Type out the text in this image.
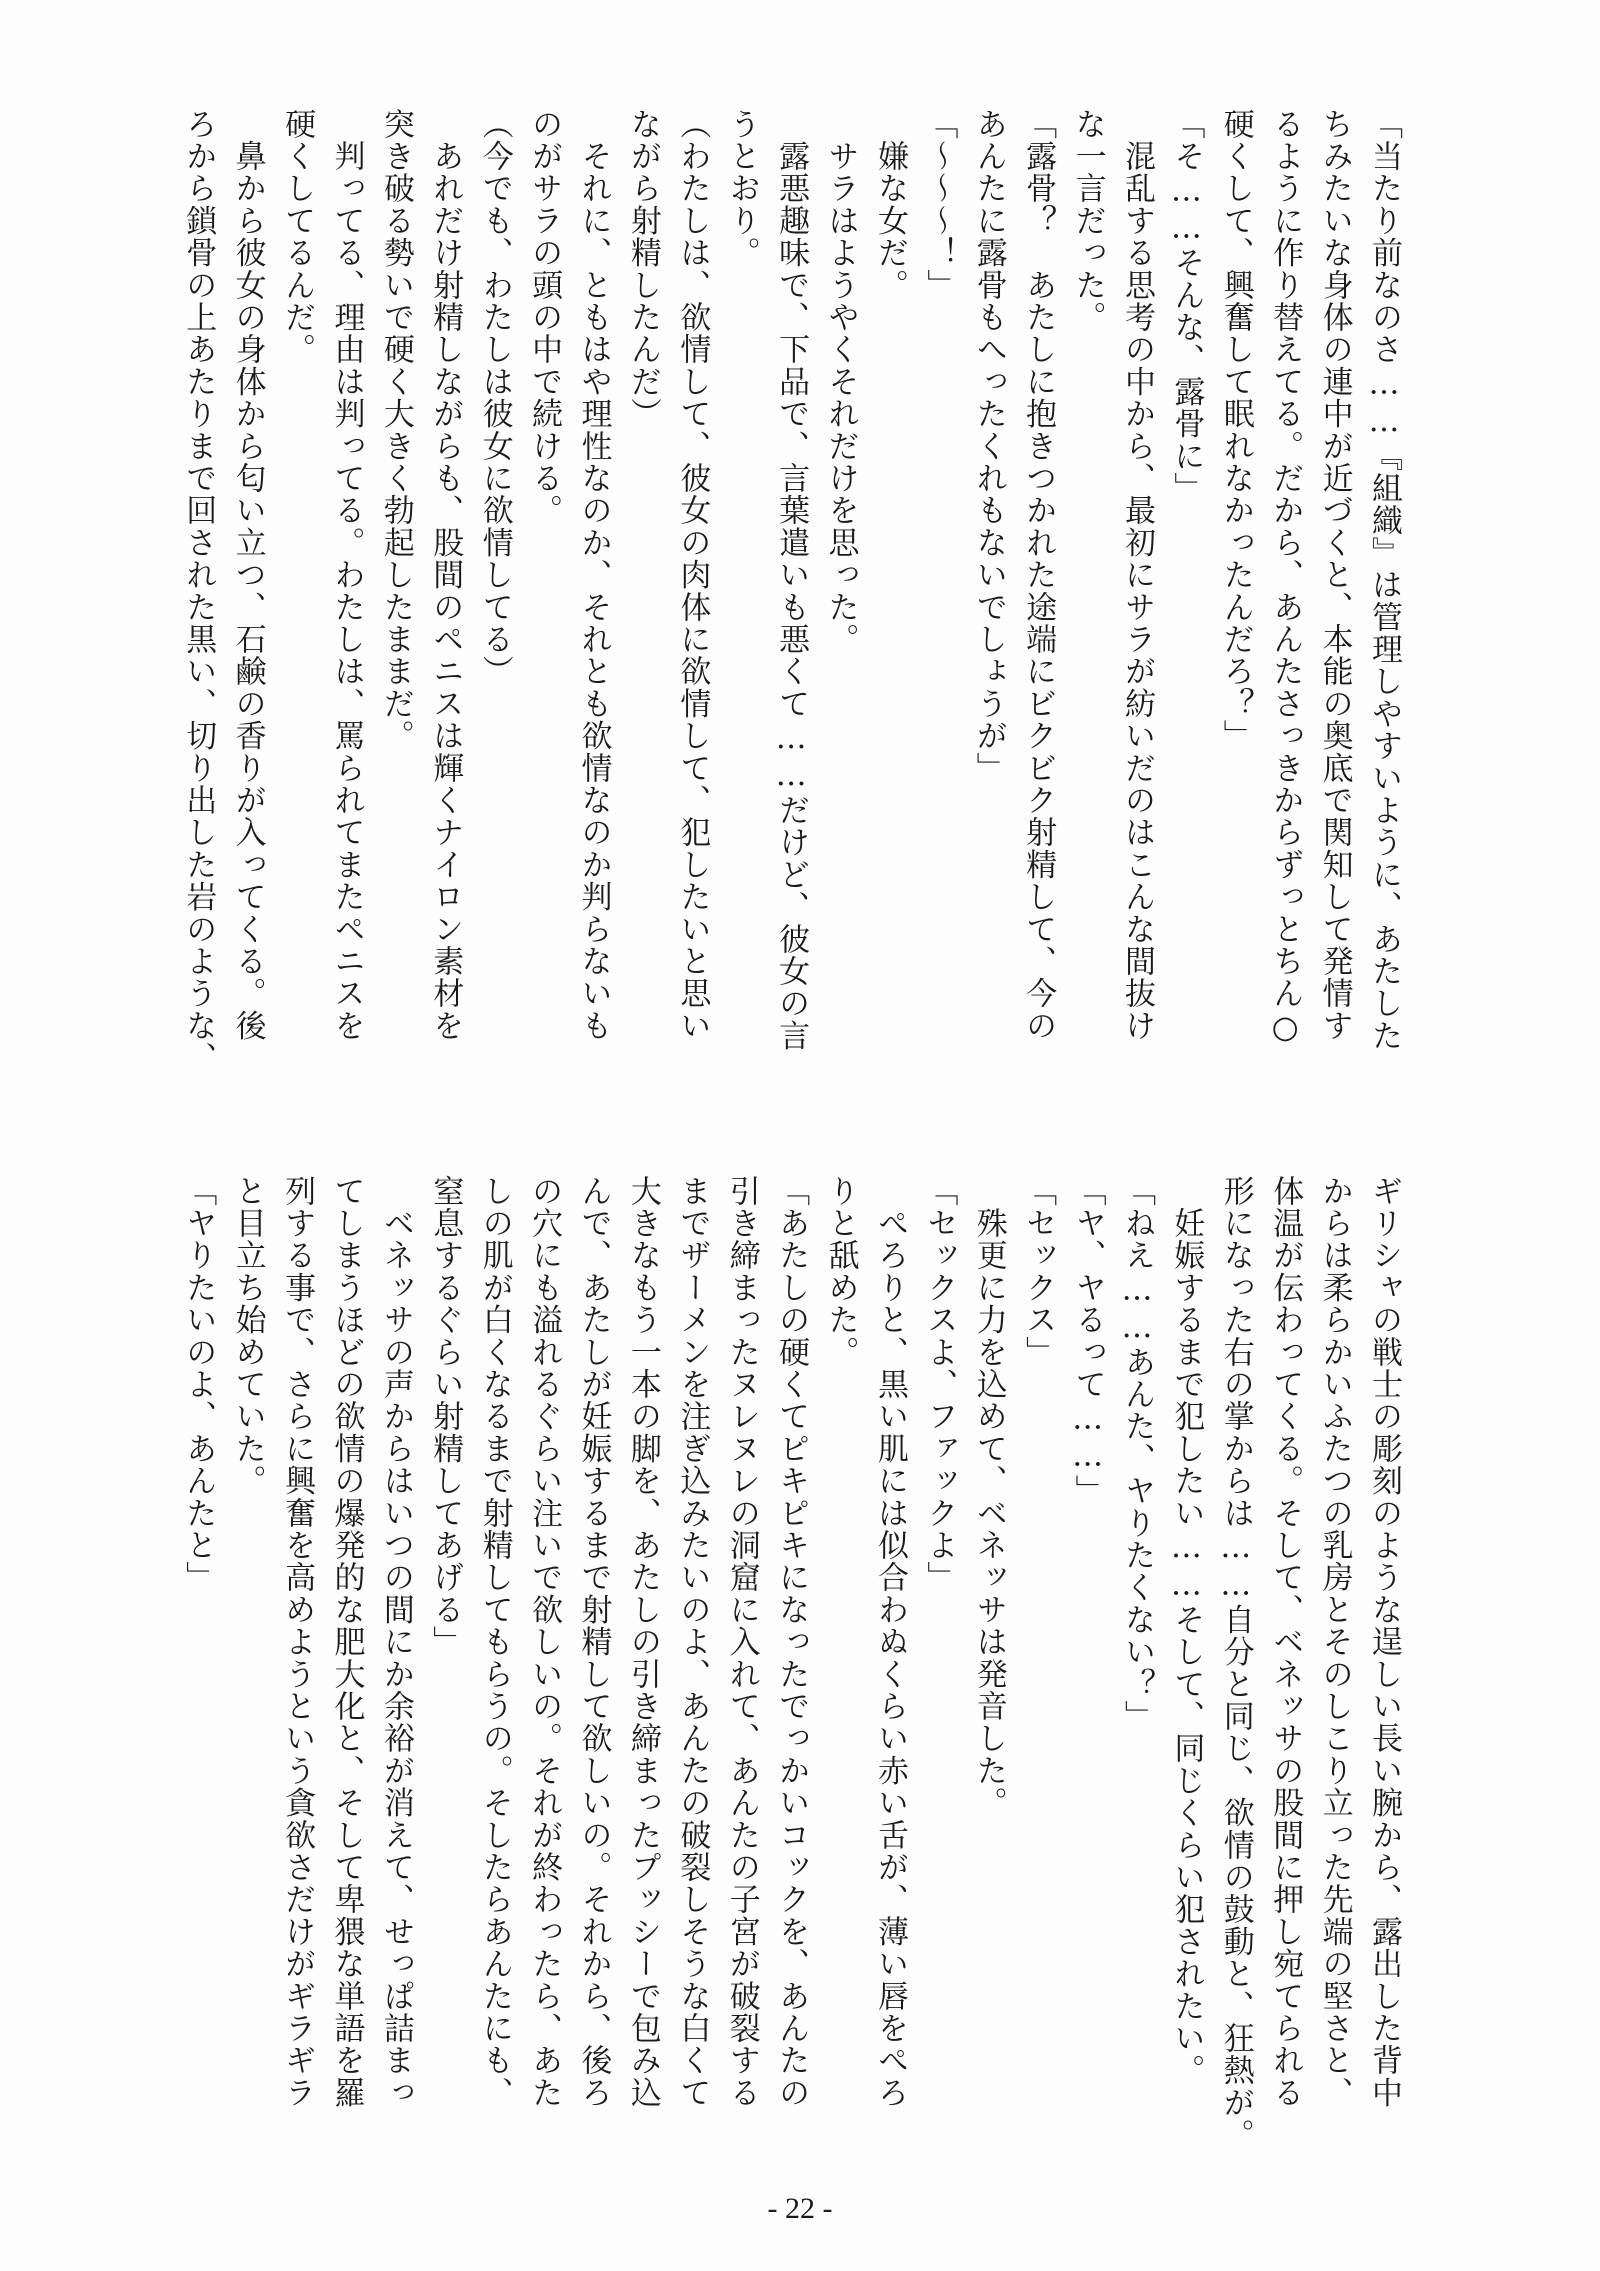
「当たり前なのさ……『組織』は管理しやすいように、あたした
ちみたいな身体の連中が近づくと、本能の奥底で関知して発情す
るように作り替えてる。だから、あんたさっきからずっとちん○
硬くして、興奮して眠れなかったんだろ？」
「そ……そんな、露骨に」
　混乱する思考の中から、最初にサラが紡いだのはこんな間抜け
な一言だった。
「露骨？　あたしに抱きつかれた途端にビクビク射精して、今の
あんたに露骨もへったくれもないでしょうが」
「～～～！」
　嫌な女だ。
　サラはようやくそれだけを思った。
　露悪趣味で、下品で、言葉遣いも悪くて……だけど、彼女の言
うとおり。
（わたしは、欲情して、彼女の肉体に欲情して、犯したいと思い
ながら射精したんだ）
　それに、ともはや理性なのか、それとも欲情なのか判らないも
のがサラの頭の中で続ける。
（今でも、わたしは彼女に欲情してる）
　あれだけ射精しながらも、股間のペニスは輝くナイロン素材を
突き破る勢いで硬く大きく勃起したままだ。
　判ってる、理由は判ってる。わたしは、罵られてまたペニスを
硬くしてるんだ。
　鼻から彼女の身体から匂い立つ、石鹸の香りが入ってくる。後
ろから鎖骨の上あたりまで回された黒い、切り出した岩のような、
ギリシャの戦士の彫刻のような逞しい長い腕から、露出した背中
からは柔らかいふたつの乳房とそのしこり立った先端の堅さと、
体温が伝わってくる。そして、ベネッサの股間に押し宛てられる
形になった右の掌からは……自分と同じ、欲情の鼓動と、狂熱が。
　妊娠するまで犯したい……そして、同じくらい犯されたい。
「ねえ……あんた、ヤりたくない？」
「ヤ、ヤるって……」
「セックス」
　殊更に力を込めて、ベネッサは発音した。
「セックスよ、ファックよ」
　ぺろりと、黒い肌には似合わぬくらい赤い舌が、薄い唇をぺろ
りと舐めた。
「あたしの硬くてピキピキになったでっかいコックを、あんたの
引き締まったヌレヌレの洞窟に入れて、あんたの子宮が破裂する
までザーメンを注ぎ込みたいのよ、あんたの破裂しそうな白くて
大きなもう一本の脚を、あたしの引き締まったプッシーで包み込
んで、あたしが妊娠するまで射精して欲しいの。それから、後ろ
の穴にも溢れるぐらい注いで欲しいの。それが終わったら、あた
しの肌が白くなるまで射精してもらうの。そしたらあんたにも、
窒息するぐらい射精してあげる」
　ベネッサの声からはいつの間にか余裕が消えて、せっぱ詰まっ
てしまうほどの欲情の爆発的な肥大化と、そして卑猥な単語を羅
列する事で、さらに興奮を高めようという貪欲さだけがギラギラ
と目立ち始めていた。
「ヤりたいのよ、あんたと」
- 22 -
